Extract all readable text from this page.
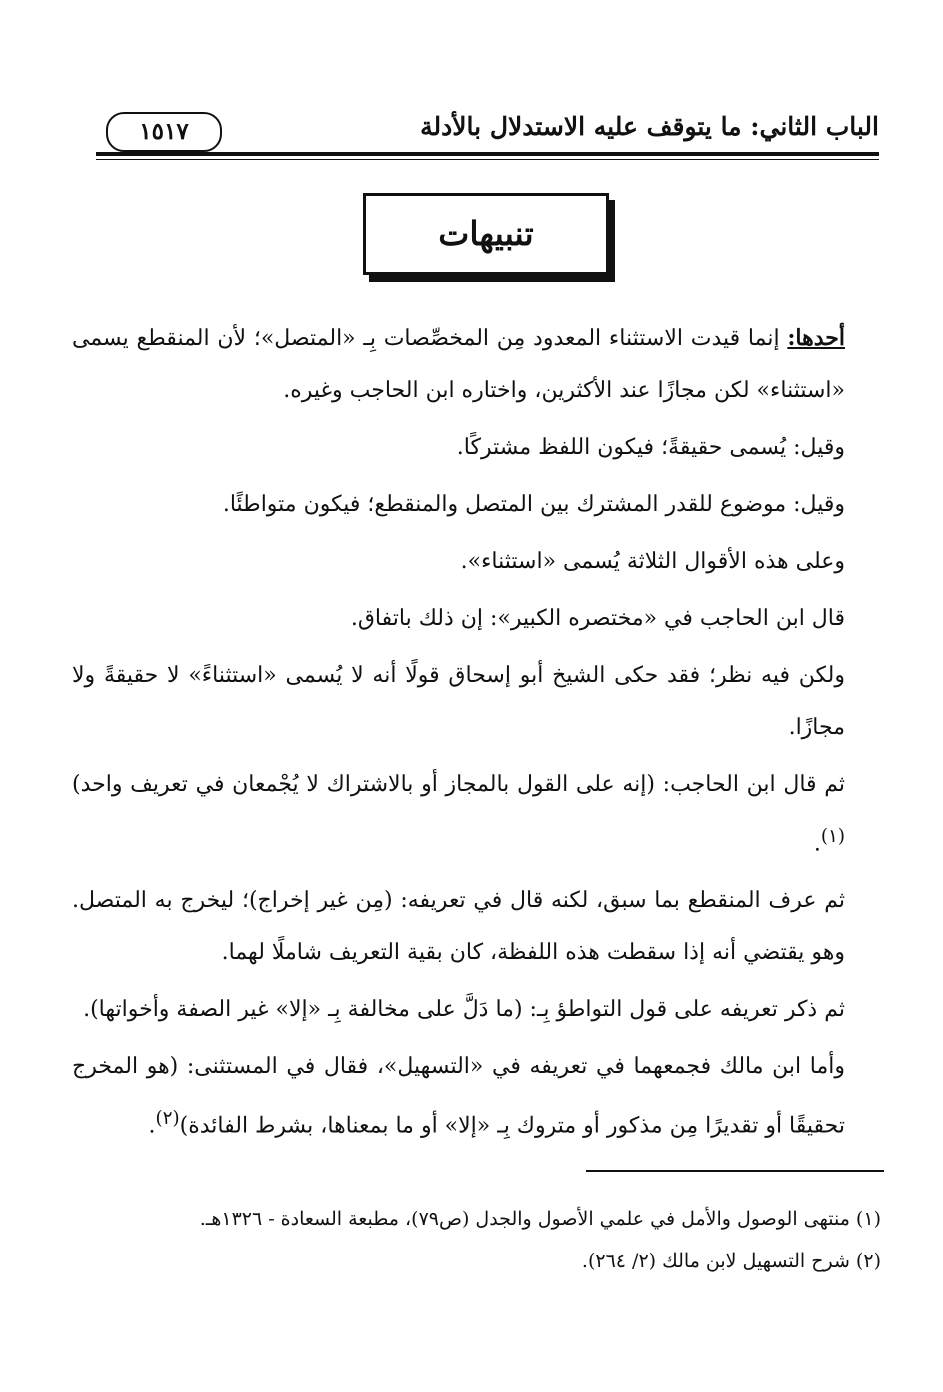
الباب الثاني: ما يتوقف عليه الاستدلال بالأدلة
١٥١٧
تنبيهات

أحدها: إنما قيدت الاستثناء المعدود مِن المخصِّصات بِـ «المتصل»؛ لأن المنقطع يسمى «استثناء» لكن مجازًا عند الأكثرين، واختاره ابن الحاجب وغيره.

وقيل: يُسمى حقيقةً؛ فيكون اللفظ مشتركًا.

وقيل: موضوع للقدر المشترك بين المتصل والمنقطع؛ فيكون متواطئًا.

وعلى هذه الأقوال الثلاثة يُسمى «استثناء».

قال ابن الحاجب في «مختصره الكبير»: إن ذلك باتفاق.

ولكن فيه نظر؛ فقد حكى الشيخ أبو إسحاق قولًا أنه لا يُسمى «استثناءً» لا حقيقةً ولا مجازًا.

ثم قال ابن الحاجب: (إنه على القول بالمجاز أو بالاشتراك لا يُجْمعان في تعريف واحد)$^{(١)}$.

ثم عرف المنقطع بما سبق، لكنه قال في تعريفه: (مِن غير إخراج)؛ ليخرج به المتصل. وهو يقتضي أنه إذا سقطت هذه اللفظة، كان بقية التعريف شاملًا لهما.

ثم ذكر تعريفه على قول التواطؤ بِـ: (ما دَلَّ على مخالفة بِـ «إلا» غير الصفة وأخواتها).

وأما ابن مالك فجمعهما في تعريفه في «التسهيل»، فقال في المستثنى: (هو المخرج تحقيقًا أو تقديرًا مِن مذكور أو متروك بِـ «إلا» أو ما بمعناها، بشرط الفائدة)$^{(٢)}$.

(١) منتهى الوصول والأمل في علمي الأصول والجدل (ص٧٩)، مطبعة السعادة - ١٣٢٦هـ.

(٢) شرح التسهيل لابن مالك (٢/ ٢٦٤).
